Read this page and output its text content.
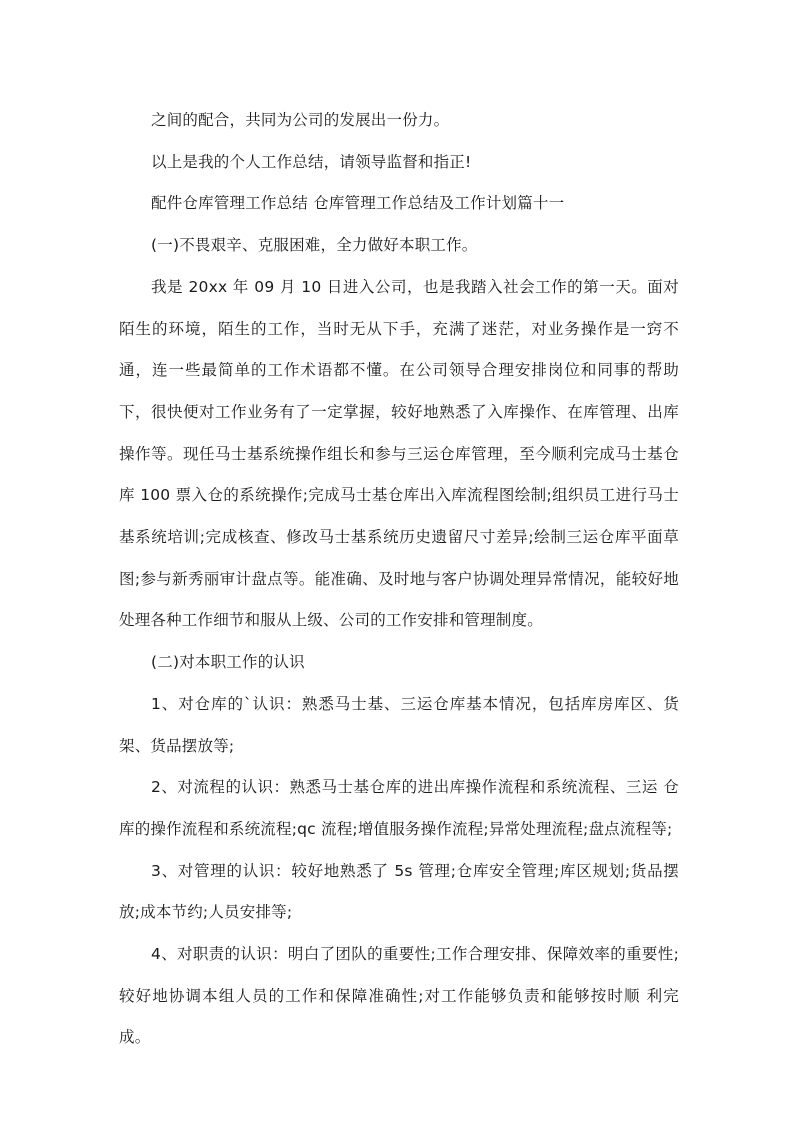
之间的配合，共同为公司的发展出一份力。

以上是我的个人工作总结，请领导监督和指正!

配件仓库管理工作总结 仓库管理工作总结及工作计划篇十一

(一)不畏艰辛、克服困难，全力做好本职工作。

我是 20xx 年 09 月 10 日进入公司，也是我踏入社会工作的第一天。面对陌生的环境，陌生的工作，当时无从下手，充满了迷茫，对业务操作是一窍不通，连一些最简单的工作术语都不懂。在公司领导合理安排岗位和同事的帮助下，很快便对工作业务有了一定掌握，较好地熟悉了入库操作、在库管理、出库操作等。现任马士基系统操作组长和参与三运仓库管理，至今顺利完成马士基仓库 100 票入仓的系统操作;完成马士基仓库出入库流程图绘制;组织员工进行马士基系统培训;完成核查、修改马士基系统历史遗留尺寸差异;绘制三运仓库平面草图;参与新秀丽审计盘点等。能准确、及时地与客户协调处理异常情况，能较好地处理各种工作细节和服从上级、公司的工作安排和管理制度。

(二)对本职工作的认识

1、对仓库的`认识：熟悉马士基、三运仓库基本情况，包括库房库区、货架、货品摆放等;

2、对流程的认识：熟悉马士基仓库的进出库操作流程和系统流程、三运 仓库的操作流程和系统流程;qc 流程;增值服务操作流程;异常处理流程;盘点流程等;

3、对管理的认识：较好地熟悉了 5s 管理;仓库安全管理;库区规划;货品摆放;成本节约;人员安排等;

4、对职责的认识：明白了团队的重要性;工作合理安排、保障效率的重要性;较好地协调本组人员的工作和保障准确性;对工作能够负责和能够按时顺 利完成。
